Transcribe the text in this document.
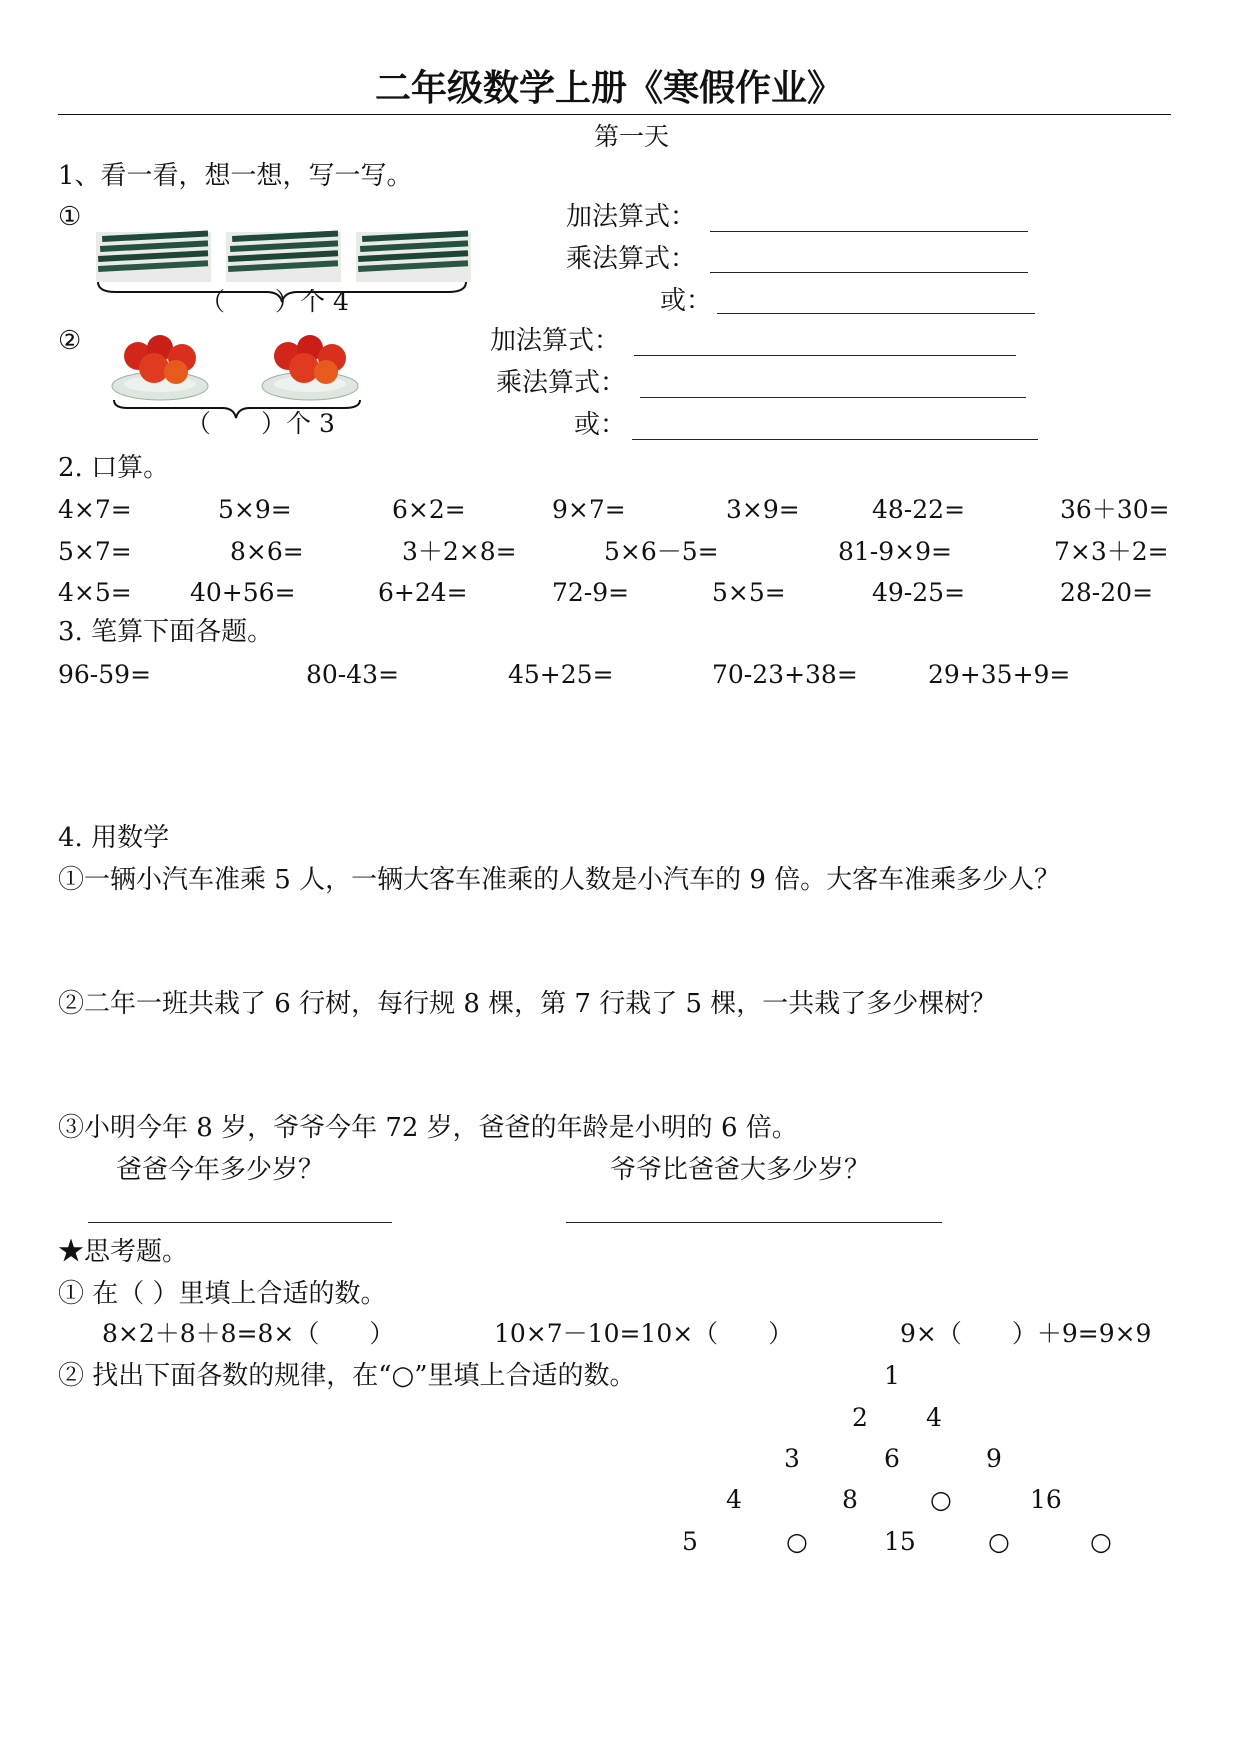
二年级数学上册《寒假作业》
第一天
1、看一看，想一想，写一写。
①
（　　）个 4
加法算式：
乘法算式：
或：
②
（　　）个 3
加法算式：
乘法算式：
或：
2. 口算。
4×7=	5×9=	6×2=	9×7=	3×9=	48-22=	36＋30=
5×7=	8×6=	3＋2×8=	5×6－5=	81-9×9=	7×3＋2=
4×5= 40+56=	6+24=	72-9=	5×5=	49-25=	28-20=
3. 笔算下面各题。
96-59=	80-43=	45+25=	70-23+38=	29+35+9=
4. 用数学
①一辆小汽车准乘 5 人，一辆大客车准乘的人数是小汽车的 9 倍。大客车准乘多少人？
②二年一班共栽了 6 行树，每行规 8 棵，第 7 行栽了 5 棵，一共栽了多少棵树？
③小明今年 8 岁，爷爷今年 72 岁，爸爸的年龄是小明的 6 倍。
爸爸今年多少岁？	爷爷比爸爸大多少岁？
★思考题。
① 在（ ）里填上合适的数。
8×2＋8＋8=8×（　　）	10×7－10=10×（　　）	9×（　　）＋9=9×9
② 找出下面各数的规律，在“○”里填上合适的数。	1
2 4
3	6	9
4	8	○	16
5	○	15	○	○
